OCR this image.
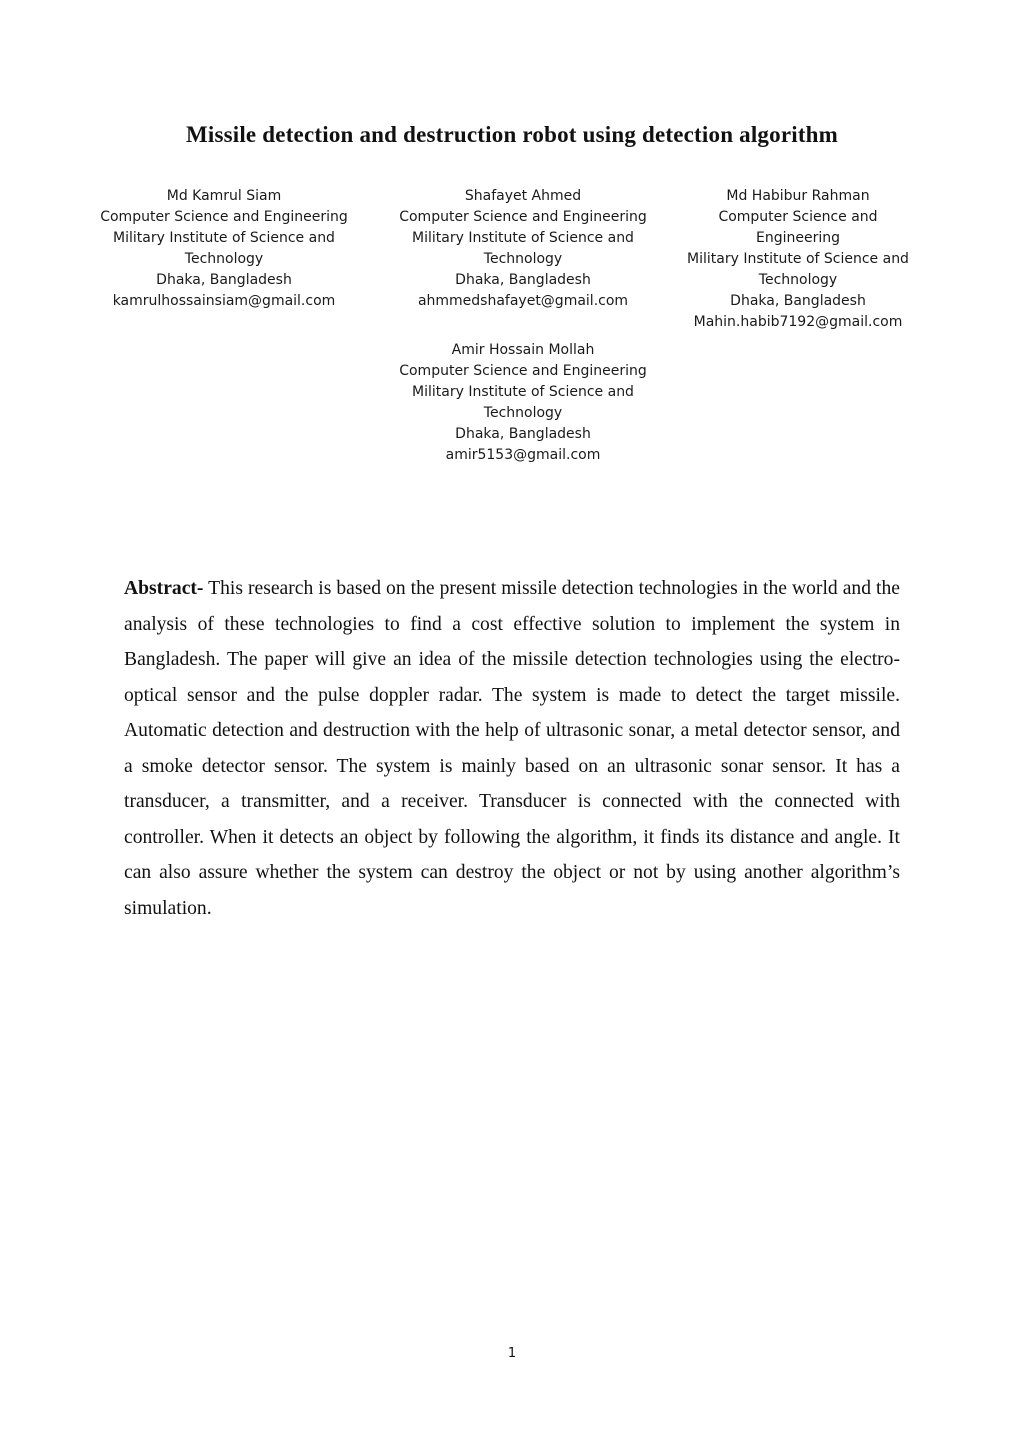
Missile detection and destruction robot using detection algorithm
Md Kamrul Siam
Computer Science and Engineering
Military Institute of Science and
Technology
Dhaka, Bangladesh
kamrulhossainsiam@gmail.com
Shafayet Ahmed
Computer Science and Engineering
Military Institute of Science and
Technology
Dhaka, Bangladesh
ahmmedshafayet@gmail.com
Md Habibur Rahman
Computer Science and
Engineering
Military Institute of Science and
Technology
Dhaka, Bangladesh
Mahin.habib7192@gmail.com
Amir Hossain Mollah
Computer Science and Engineering
Military Institute of Science and
Technology
Dhaka, Bangladesh
amir5153@gmail.com

Abstract- This research is based on the present missile detection technologies in the world and the analysis of these technologies to find a cost effective solution to implement the system in Bangladesh. The paper will give an idea of the missile detection technologies using the electro-optical sensor and the pulse doppler radar. The system is made to detect the target missile. Automatic detection and destruction with the help of ultrasonic sonar, a metal detector sensor, and a smoke detector sensor. The system is mainly based on an ultrasonic sonar sensor. It has a transducer, a transmitter, and a receiver. Transducer is connected with the connected with controller. When it detects an object by following the algorithm, it finds its distance and angle. It can also assure whether the system can destroy the object or not by using another algorithm’s simulation.

1
